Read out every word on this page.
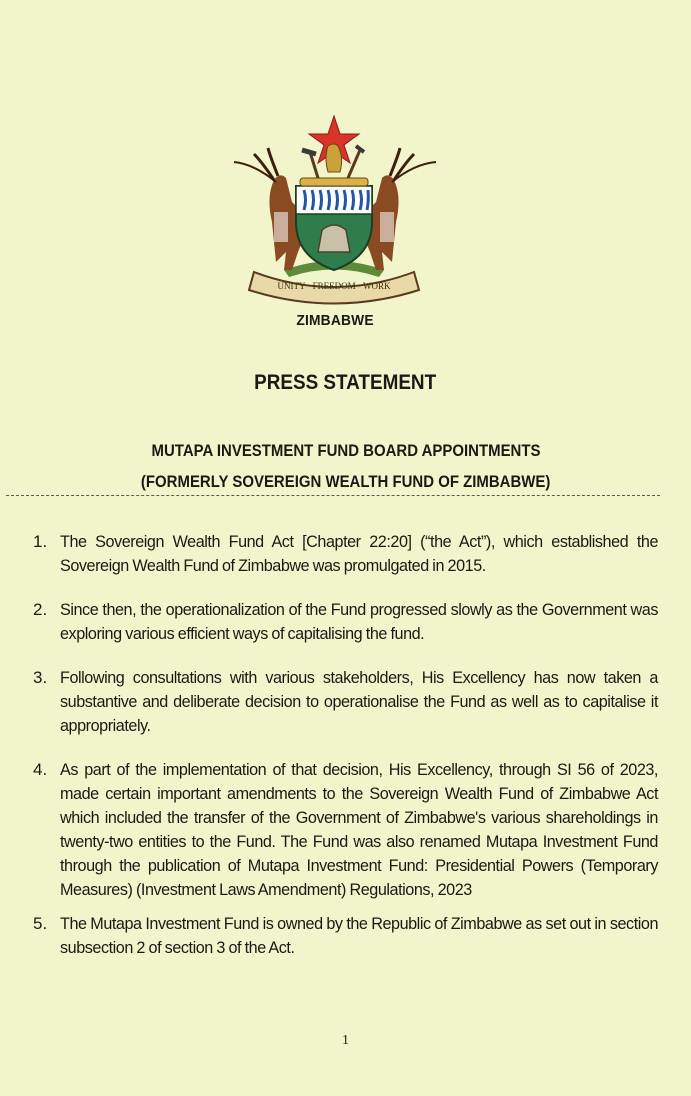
UNITY · FREEDOM · WORK
ZIMBABWE
PRESS STATEMENT
MUTAPA INVESTMENT FUND BOARD APPOINTMENTS
(FORMERLY SOVEREIGN WEALTH FUND OF ZIMBABWE)
1. The Sovereign Wealth Fund Act [Chapter 22:20] (“the Act”), which established the Sovereign Wealth Fund of Zimbabwe was promulgated in 2015.
2. Since then, the operationalization of the Fund progressed slowly as the Government was exploring various efficient ways of capitalising the fund.
3. Following consultations with various stakeholders, His Excellency has now taken a substantive and deliberate decision to operationalise the Fund as well as to capitalise it appropriately.
4. As part of the implementation of that decision, His Excellency, through SI 56 of 2023, made certain important amendments to the Sovereign Wealth Fund of Zimbabwe Act which included the transfer of the Government of Zimbabwe's various shareholdings in twenty-two entities to the Fund. The Fund was also renamed Mutapa Investment Fund through the publication of Mutapa Investment Fund: Presidential Powers (Temporary Measures) (Investment Laws Amendment) Regulations, 2023
5. The Mutapa Investment Fund is owned by the Republic of Zimbabwe as set out in section subsection 2 of section 3 of the Act.
1
